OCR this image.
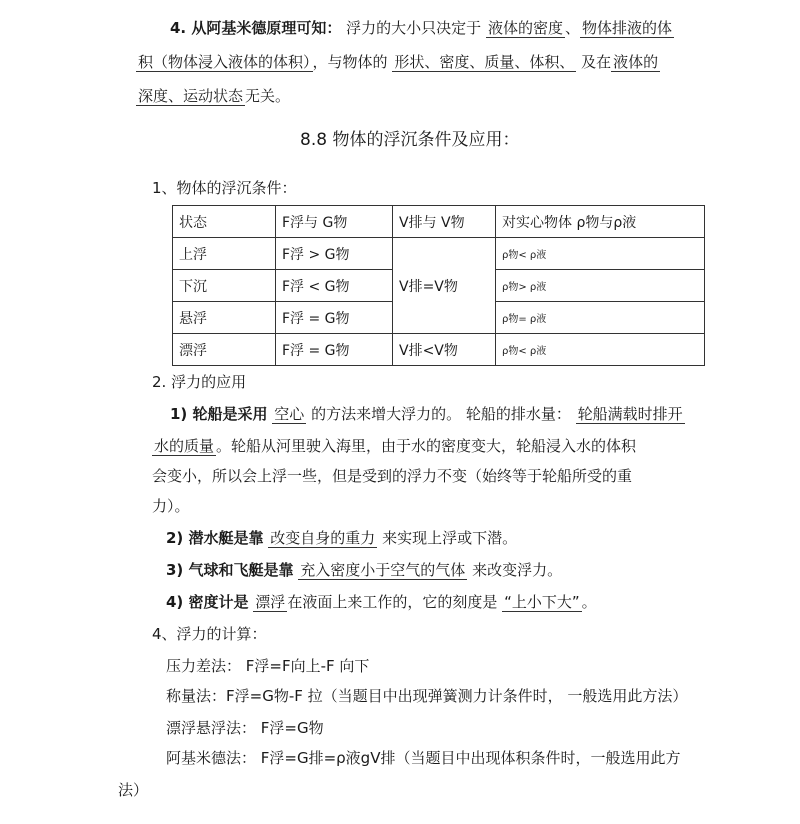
4. 从阿基米德原理可知： 浮力的大小只决定于 液体的密度 、 物体排液的体
积（物体浸入液体的体积） ，与物体的 形状、密度、质量、体积、 及在 液体的
深度、运动状态 无关。
8.8 物体的浮沉条件及应用：
1、物体的浮沉条件：
状态	F浮与 G物	V排与 V物	对实心物体 ρ物与ρ液
上浮	F浮 > G物	V排=V物	ρ物< ρ液
下沉	F浮 < G物		ρ物> ρ液
悬浮	F浮 = G物		ρ物= ρ液
漂浮	F浮 = G物	V排<V物	ρ物< ρ液
2. 浮力的应用
1) 轮船是采用 空心 的方法来增大浮力的。 轮船的排水量： 轮船满载时排开
水的质量 。轮船从河里驶入海里，由于水的密度变大，轮船浸入水的体积
会变小，所以会上浮一些，但是受到的浮力不变（始终等于轮船所受的重
力）。
2) 潜水艇是靠 改变自身的重力 来实现上浮或下潜。
3) 气球和飞艇是靠 充入密度小于空气的气体 来改变浮力。
4) 密度计是 漂浮 在液面上来工作的，它的刻度是 “上小下大” 。
4、浮力的计算：
压力差法： F浮=F向上-F 向下
称量法：F浮=G物-F 拉（当题目中出现弹簧测力计条件时， 一般选用此方法）
漂浮悬浮法： F浮=G物
阿基米德法： F浮=G排=ρ液gV排（当题目中出现体积条件时，一般选用此方
法）
